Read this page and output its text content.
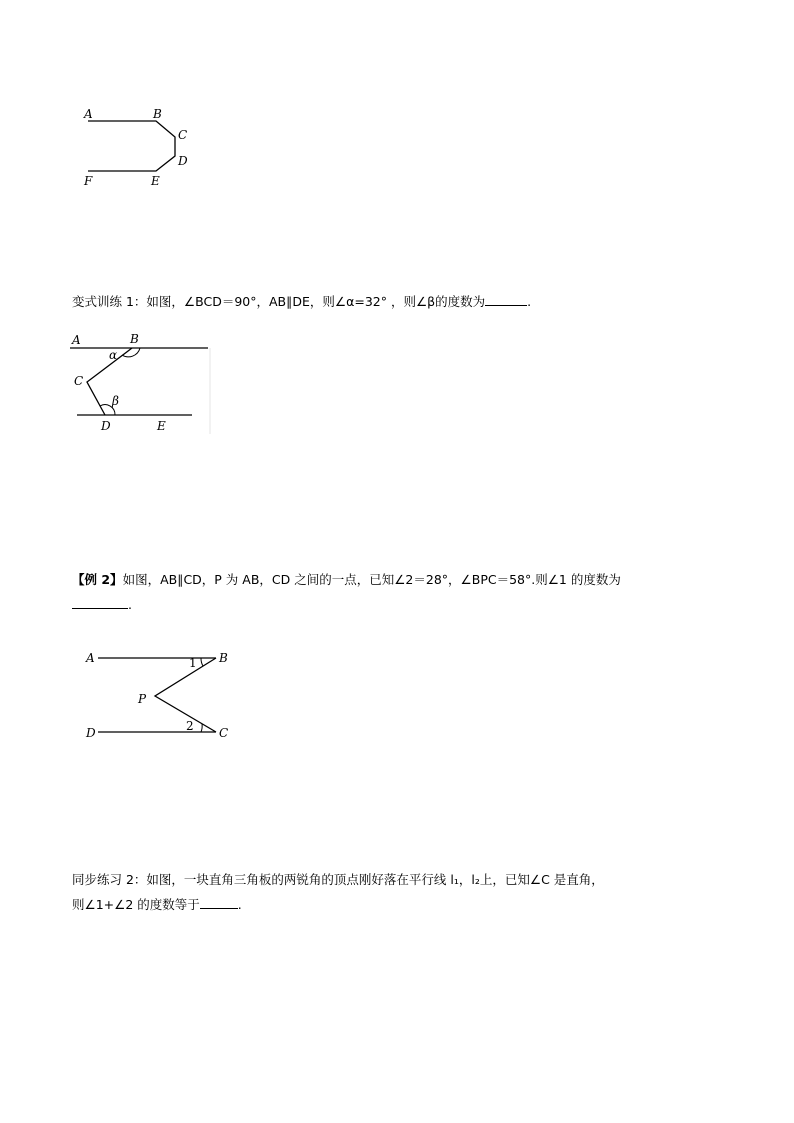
A	B
C
D
E
F
变式训练 1：如图，∠BCD＝90°，AB∥DE，则∠α=32° ，则∠β的度数为	.
A	B
α
C
β
D	E
【例 2】如图，AB∥CD，P 为 AB，CD 之间的一点，已知∠2＝28°，∠BPC＝58°.则∠1 的度数为
.
A	B
1
P
2
D	C
同步练习 2：如图，一块直角三角板的两锐角的顶点刚好落在平行线 l₁，l₂上，已知∠C 是直角，
则∠1+∠2 的度数等于	.
